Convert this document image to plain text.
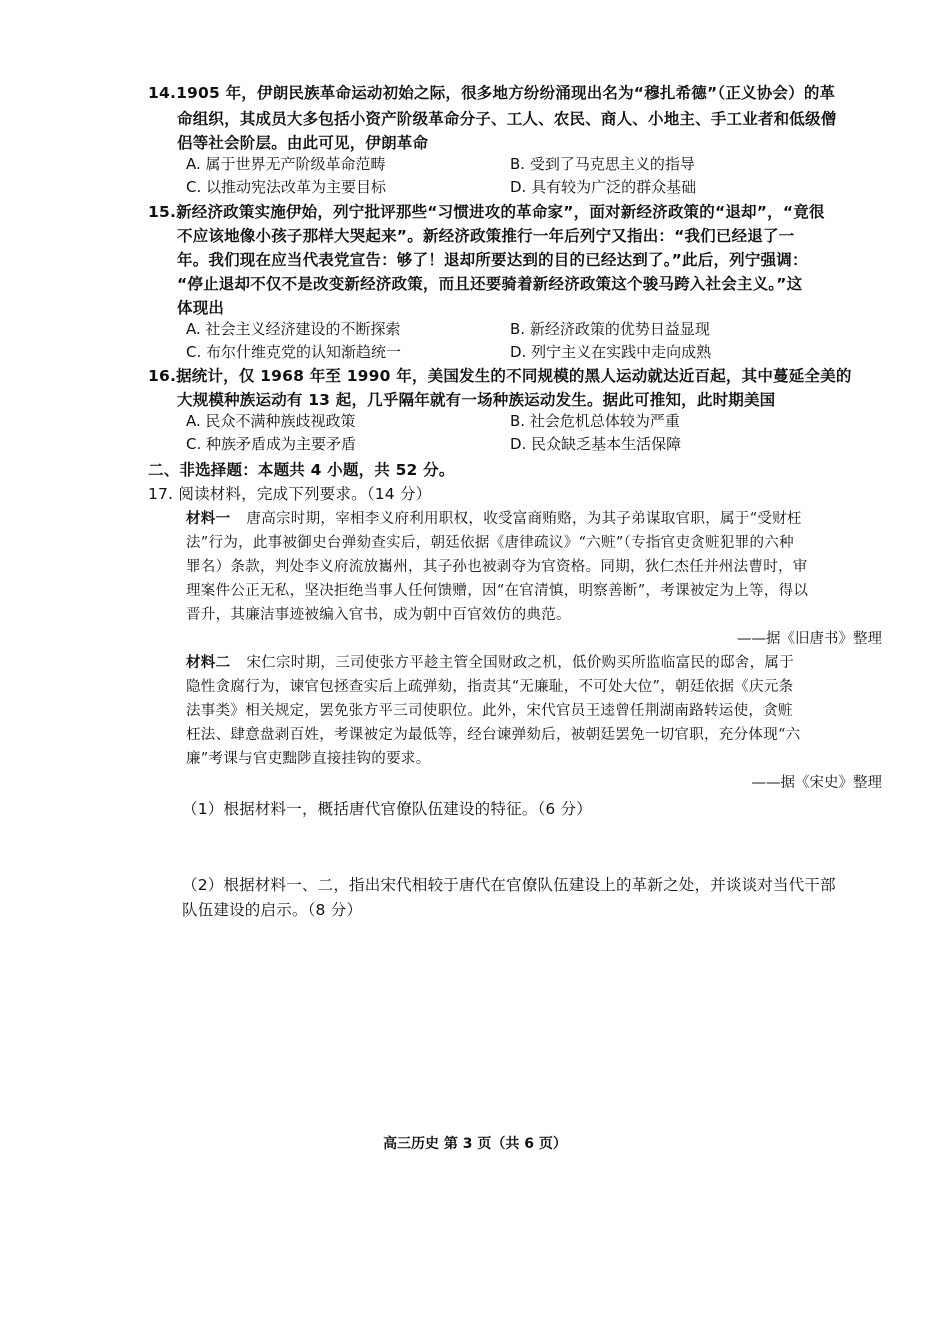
14.1905 年，伊朗民族革命运动初始之际，很多地方纷纷涌现出名为“穆扎希德”（正义协会）的革
命组织，其成员大多包括小资产阶级革命分子、工人、农民、商人、小地主、手工业者和低级僧
侣等社会阶层。由此可见，伊朗革命
A. 属于世界无产阶级革命范畴	B. 受到了马克思主义的指导
C. 以推动宪法改革为主要目标	D. 具有较为广泛的群众基础
15.新经济政策实施伊始，列宁批评那些“习惯进攻的革命家”，面对新经济政策的“退却”，“竟很
不应该地像小孩子那样大哭起来”。新经济政策推行一年后列宁又指出：“我们已经退了一
年。我们现在应当代表党宣告：够了！退却所要达到的目的已经达到了。”此后，列宁强调：
“停止退却不仅不是改变新经济政策，而且还要骑着新经济政策这个骏马跨入社会主义。”这
体现出
A. 社会主义经济建设的不断探索	B. 新经济政策的优势日益显现
C. 布尔什维克党的认知渐趋统一	D. 列宁主义在实践中走向成熟
16.据统计，仅 1968 年至 1990 年，美国发生的不同规模的黑人运动就达近百起，其中蔓延全美的
大规模种族运动有 13 起，几乎隔年就有一场种族运动发生。据此可推知，此时期美国
A. 民众不满种族歧视政策	B. 社会危机总体较为严重
C. 种族矛盾成为主要矛盾	D. 民众缺乏基本生活保障
二、非选择题：本题共 4 小题，共 52 分。
17. 阅读材料，完成下列要求。（14 分）
材料一 唐高宗时期，宰相李义府利用职权，收受富商贿赂，为其子弟谋取官职，属于“受财枉
法”行为，此事被御史台弹劾查实后，朝廷依据《唐律疏议》“六赃”（专指官吏贪赃犯罪的六种
罪名）条款，判处李义府流放巂州，其子孙也被剥夺为官资格。同期，狄仁杰任并州法曹时，审
理案件公正无私，坚决拒绝当事人任何馈赠，因“在官清慎，明察善断”，考课被定为上等，得以
晋升，其廉洁事迹被编入官书，成为朝中百官效仿的典范。
——据《旧唐书》整理
材料二 宋仁宗时期，三司使张方平趁主管全国财政之机，低价购买所监临富民的邸舍，属于
隐性贪腐行为，谏官包拯查实后上疏弹劾，指责其“无廉耻，不可处大位”，朝廷依据《庆元条
法事类》相关规定，罢免张方平三司使职位。此外，宋代官员王逵曾任荆湖南路转运使，贪赃
枉法、肆意盘剥百姓，考课被定为最低等，经台谏弹劾后，被朝廷罢免一切官职，充分体现“六
廉”考课与官吏黜陟直接挂钩的要求。
——据《宋史》整理
（1）根据材料一，概括唐代官僚队伍建设的特征。（6 分）
（2）根据材料一、二，指出宋代相较于唐代在官僚队伍建设上的革新之处，并谈谈对当代干部
队伍建设的启示。（8 分）
高三历史 第 3 页（共 6 页）
